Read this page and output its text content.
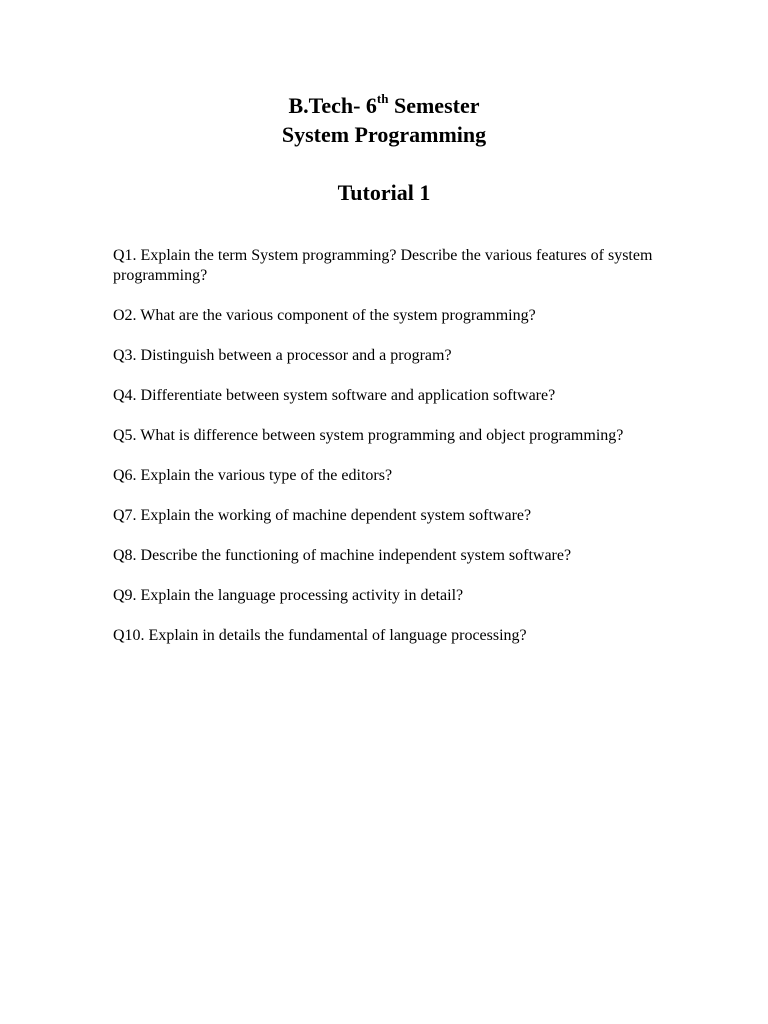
B.Tech- 6th Semester
System Programming
Tutorial 1

Q1. Explain the term System programming? Describe the various features of system programming?

O2. What are the various component of the system programming?

Q3. Distinguish between a processor and a program?

Q4. Differentiate between system software and application software?

Q5. What is difference between system programming and object programming?

Q6. Explain the various type of the editors?

Q7. Explain the working of machine dependent system software?

Q8. Describe the functioning of machine independent system software?

Q9. Explain the language processing activity in detail?

Q10. Explain in details the fundamental of language processing?
